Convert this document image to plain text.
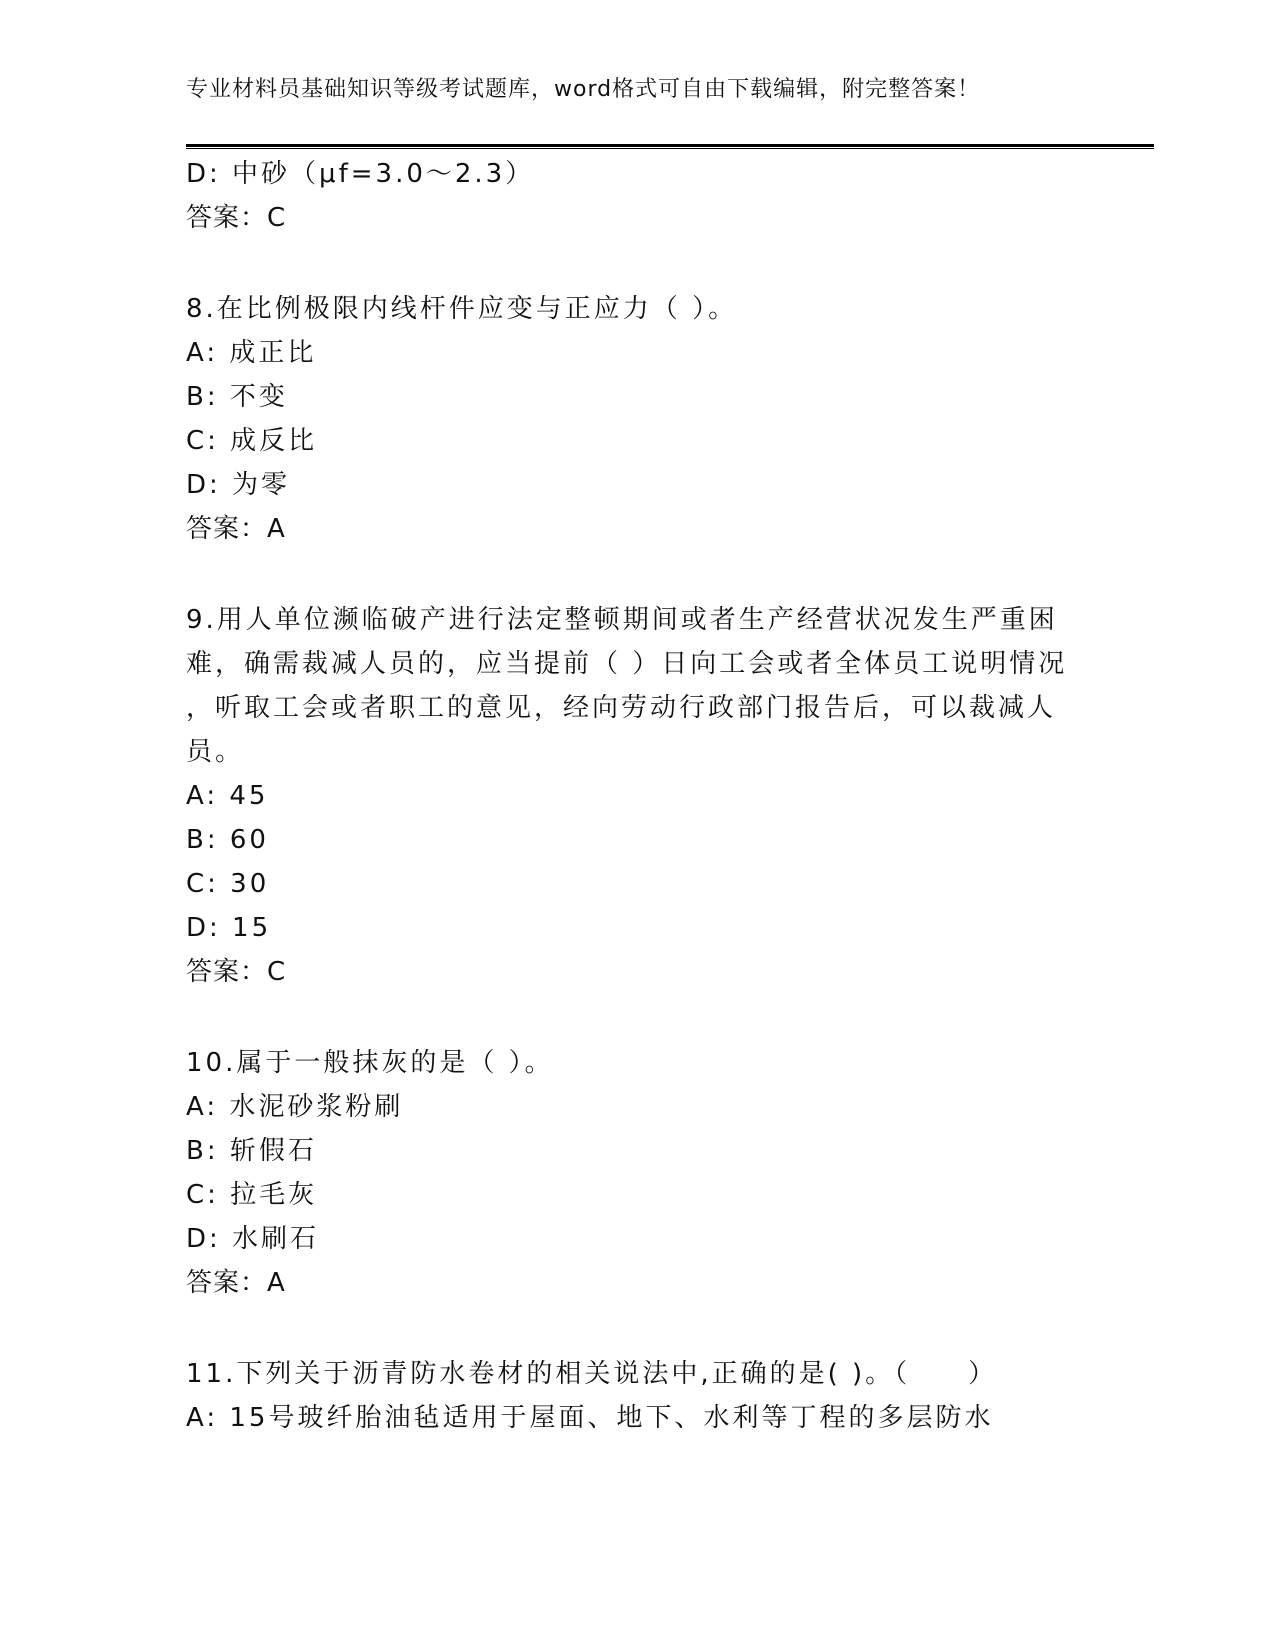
专业材料员基础知识等级考试题库，word格式可自由下载编辑，附完整答案！
D: 中砂（μf=3.0～2.3）
答案：C
8.在比例极限内线杆件应变与正应力（ ）。
A: 成正比
B: 不变
C: 成反比
D: 为零
答案：A
9.用人单位濒临破产进行法定整顿期间或者生产经营状况发生严重困
难，确需裁减人员的，应当提前（ ）日向工会或者全体员工说明情况
，听取工会或者职工的意见，经向劳动行政部门报告后，可以裁减人
员。
A: 45
B: 60
C: 30
D: 15
答案：C
10.属于一般抹灰的是（ ）。
A: 水泥砂浆粉刷
B: 斩假石
C: 拉毛灰
D: 水刷石
答案：A
11.下列关于沥青防水卷材的相关说法中,正确的是( )。（　　）
A: 15号玻纤胎油毡适用于屋面、地下、水利等丁程的多层防水
